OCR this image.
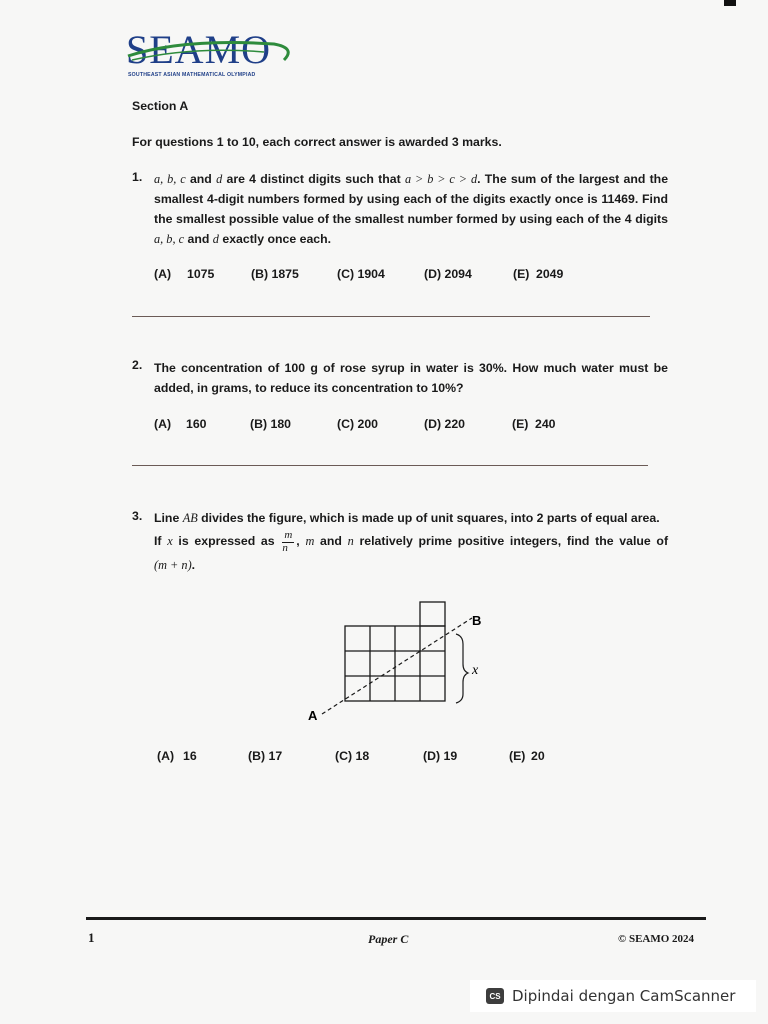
SEAMO
SOUTHEAST ASIAN MATHEMATICAL OLYMPIAD
Section A
For questions 1 to 10, each correct answer is awarded 3 marks.
1. a, b, c and d are 4 distinct digits such that a > b > c > d. The sum of the largest and the smallest 4-digit numbers formed by using each of the digits exactly once is 11469. Find the smallest possible value of the smallest number formed by using each of the 4 digits a, b, c and d exactly once each.
(A) 1075	(B) 1875	(C) 1904	(D) 2094	(E) 2049
2. The concentration of 100 g of rose syrup in water is 30%. How much water must be added, in grams, to reduce its concentration to 10%?
(A) 160	(B) 180	(C) 200	(D) 220	(E) 240
3. Line AB divides the figure, which is made up of unit squares, into 2 parts of equal area.
If x is expressed as $\frac{m}{n}$ , m and n relatively prime positive integers, find the value of
(m + n).
B
A
x
(A) 16	(B) 17	(C) 18	(D) 19	(E) 20
1	Paper C	© SEAMO 2024
CS Dipindai dengan CamScanner
